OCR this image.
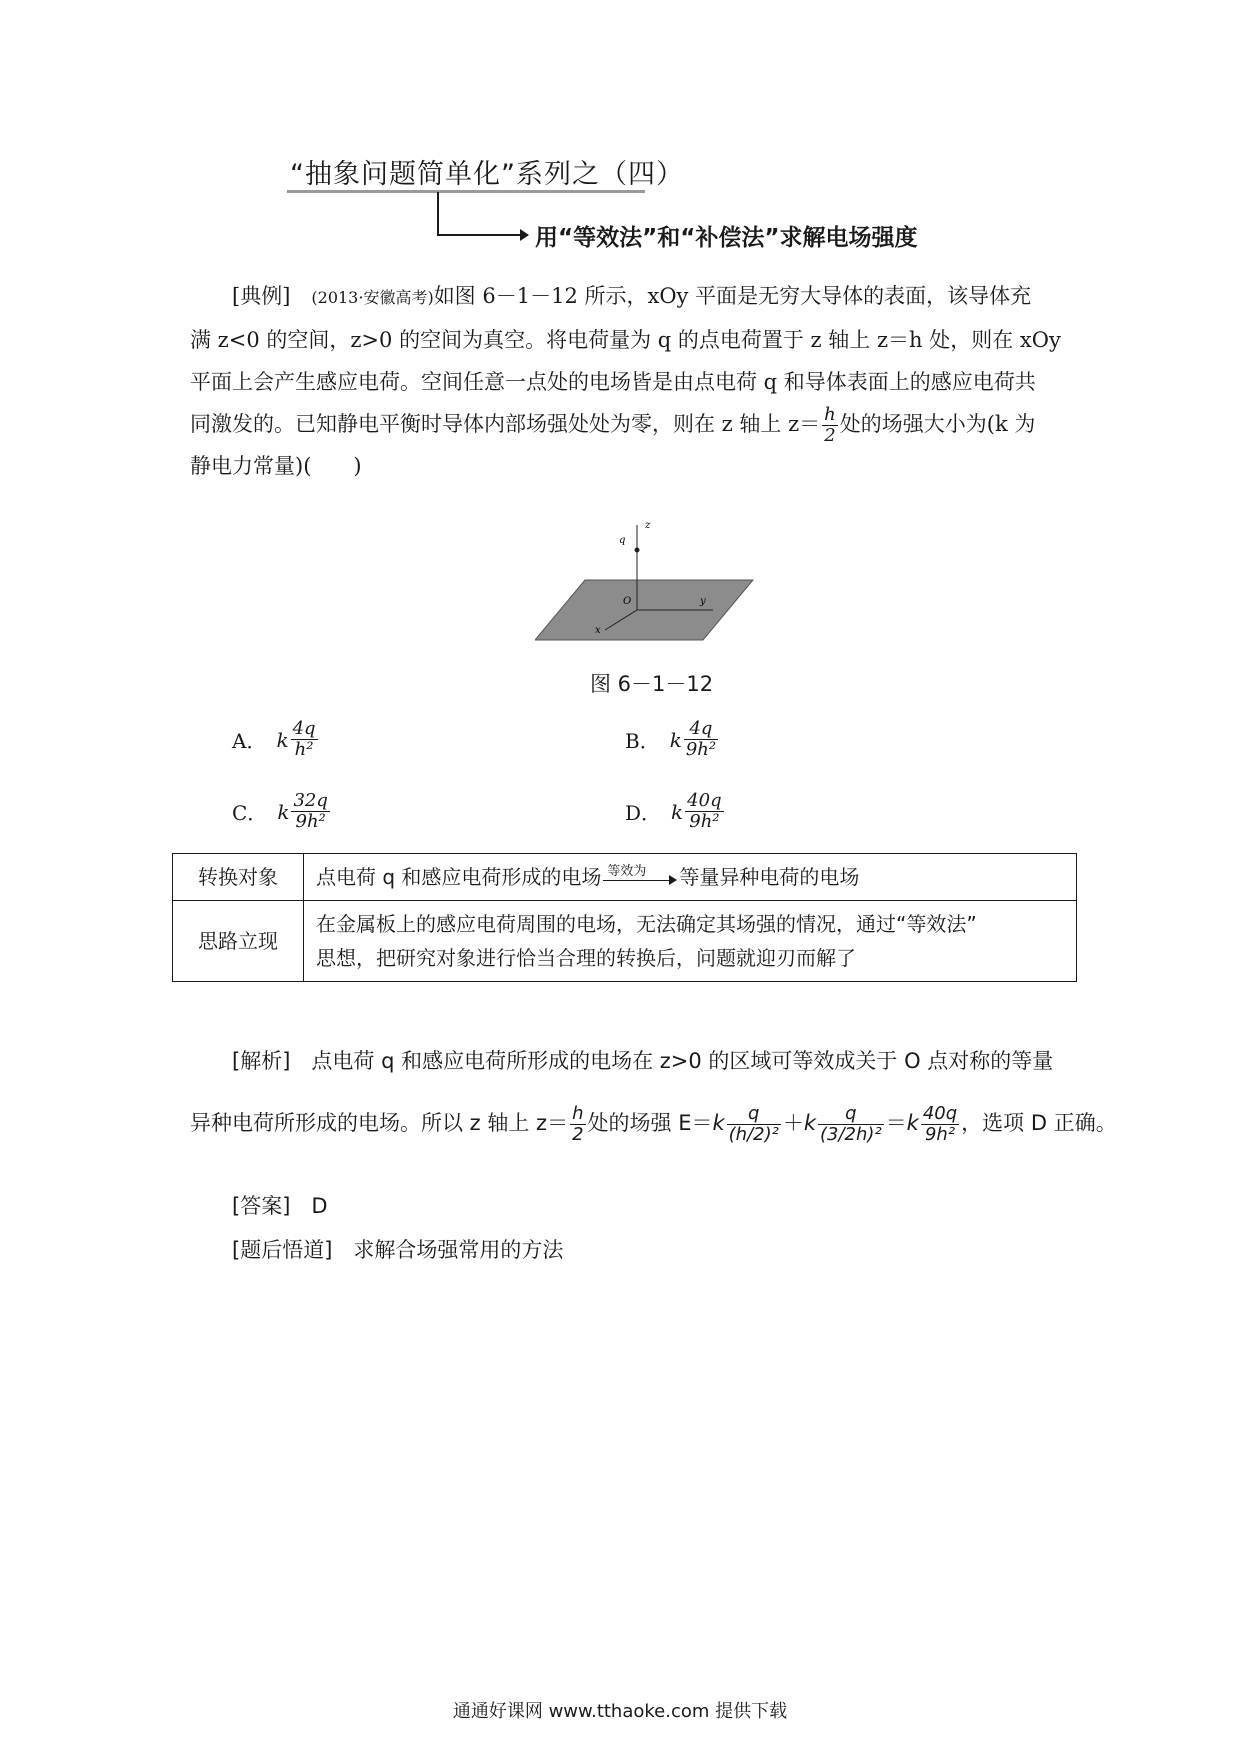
“抽象问题简单化”系列之（四）
用“等效法”和“补偿法”求解电场强度
[典例]　 (2013·安徽高考)如图 6－1－12 所示，xOy 平面是无穷大导体的表面，该导体充
满 z<0 的空间，z>0 的空间为真空。将电荷量为 q 的点电荷置于 z 轴上 z＝h 处，则在 xOy
平面上会产生感应电荷。空间任意一点处的电场皆是由点电荷 q 和导体表面上的感应电荷共
同激发的。已知静电平衡时导体内部场强处处为零，则在 z 轴上 $z= \frac{h}{2}$ 处的场强大小为(k 为
静电力常量)(　　)
z
q
O	y
x
图 6－1－12
A． k $\frac{4q}{\text{h²}}$	B． k $\frac{4q}{\text{9h²}}$
C． k $\frac{32q}{\text{9h²}}$	D． k $\frac{40q}{\text{9h²}}$
转换对象	点电荷 q 和感应电荷形成的电场 等效为 等量异种电荷的电场
思路立现	在金属板上的感应电荷周围的电场，无法确定其场强的情况，通过“等效法”
思想，把研究对象进行恰当合理的转换后，问题就迎刃而解了
[解析]　 点电荷 q 和感应电荷所形成的电场在 z>0 的区域可等效成关于 O 点对称的等量
异种电荷所形成的电场。所以 z 轴上 $z= \frac{h}{2}$ 处的场强 $E=k \frac{q}{\text{(h/2)²}} +k \frac{q}{\text{(3/2h)²}} =k \frac{40q}{\text{9h²}}$ ，选项 D 正确。
[答案]　 D
[题后悟道]　 求解合场强常用的方法
通通好课网 www.tthaoke.com 提供下载
